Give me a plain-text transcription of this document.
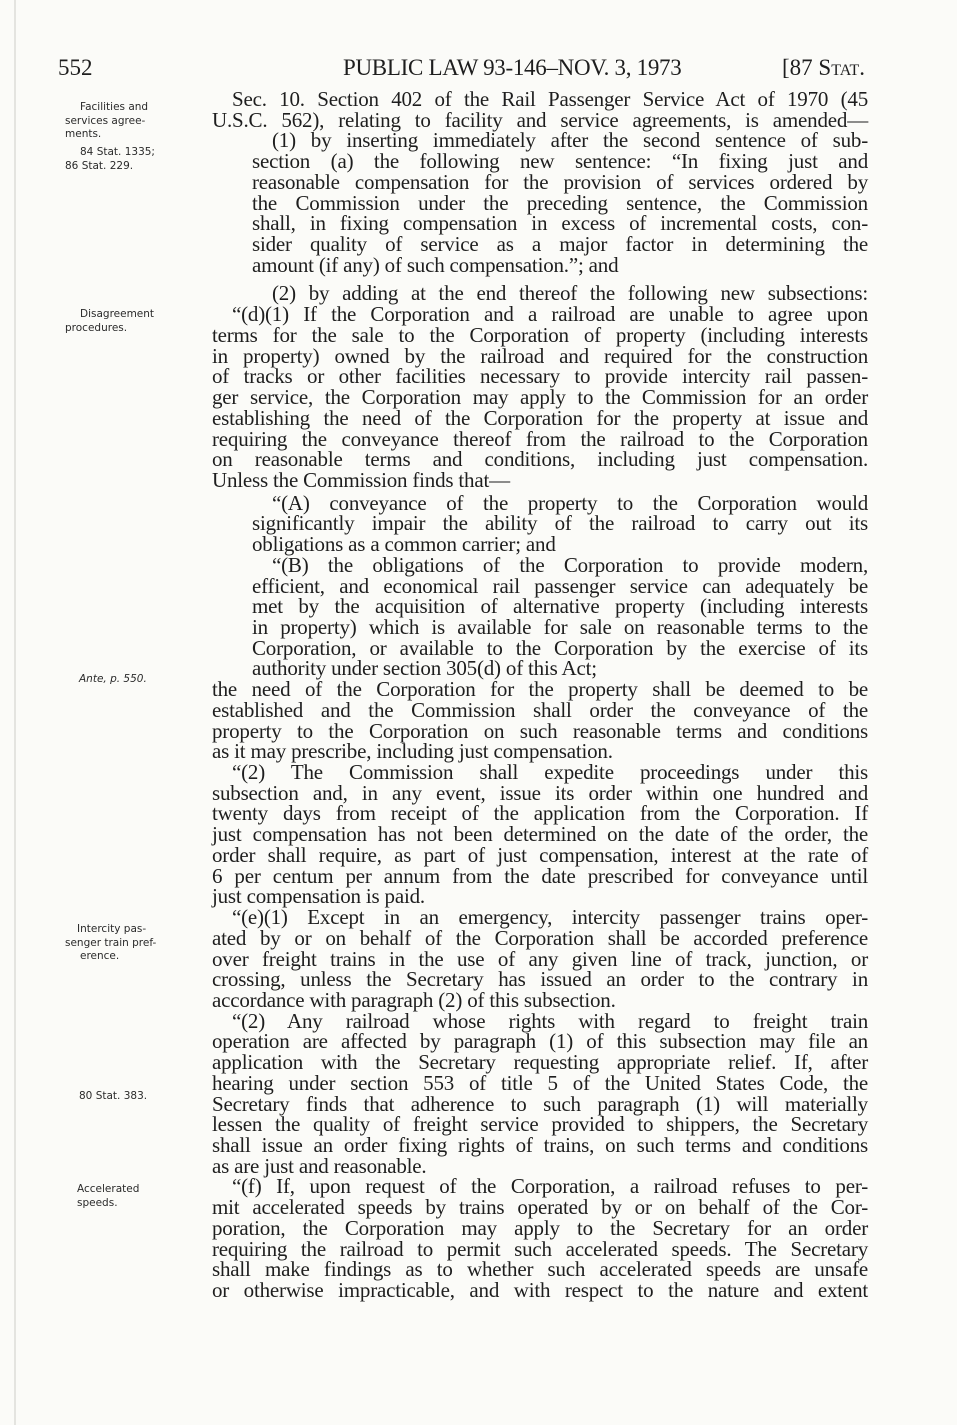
552	PUBLIC LAW 93-146–NOV. 3, 1973	[87 Stat.
Facilities and
services agree-
ments.
84 Stat. 1335;
86 Stat. 229.
Disagreement
procedures.
Ante, p. 550.
Intercity pas-
senger train pref-
erence.
80 Stat. 383.
Accelerated
speeds.
Sec. 10. Section 402 of the Rail Passenger Service Act of 1970 (45
U.S.C. 562), relating to facility and service agreements, is amended—
(1) by inserting immediately after the second sentence of sub-
section (a) the following new sentence: “In fixing just and
reasonable compensation for the provision of services ordered by
the Commission under the preceding sentence, the Commission
shall, in fixing compensation in excess of incremental costs, con-
sider quality of service as a major factor in determining the
amount (if any) of such compensation.”; and
(2) by adding at the end thereof the following new subsections:
“(d)(1) If the Corporation and a railroad are unable to agree upon
terms for the sale to the Corporation of property (including interests
in property) owned by the railroad and required for the construction
of tracks or other facilities necessary to provide intercity rail passen-
ger service, the Corporation may apply to the Commission for an order
establishing the need of the Corporation for the property at issue and
requiring the conveyance thereof from the railroad to the Corporation
on reasonable terms and conditions, including just compensation.
Unless the Commission finds that—
“(A) conveyance of the property to the Corporation would
significantly impair the ability of the railroad to carry out its
obligations as a common carrier; and
“(B) the obligations of the Corporation to provide modern,
efficient, and economical rail passenger service can adequately be
met by the acquisition of alternative property (including interests
in property) which is available for sale on reasonable terms to the
Corporation, or available to the Corporation by the exercise of its
authority under section 305(d) of this Act;
the need of the Corporation for the property shall be deemed to be
established and the Commission shall order the conveyance of the
property to the Corporation on such reasonable terms and conditions
as it may prescribe, including just compensation.
“(2) The Commission shall expedite proceedings under this
subsection and, in any event, issue its order within one hundred and
twenty days from receipt of the application from the Corporation. If
just compensation has not been determined on the date of the order, the
order shall require, as part of just compensation, interest at the rate of
6 per centum per annum from the date prescribed for conveyance until
just compensation is paid.
“(e)(1) Except in an emergency, intercity passenger trains oper-
ated by or on behalf of the Corporation shall be accorded preference
over freight trains in the use of any given line of track, junction, or
crossing, unless the Secretary has issued an order to the contrary in
accordance with paragraph (2) of this subsection.
“(2) Any railroad whose rights with regard to freight train
operation are affected by paragraph (1) of this subsection may file an
application with the Secretary requesting appropriate relief. If, after
hearing under section 553 of title 5 of the United States Code, the
Secretary finds that adherence to such paragraph (1) will materially
lessen the quality of freight service provided to shippers, the Secretary
shall issue an order fixing rights of trains, on such terms and conditions
as are just and reasonable.
“(f) If, upon request of the Corporation, a railroad refuses to per-
mit accelerated speeds by trains operated by or on behalf of the Cor-
poration, the Corporation may apply to the Secretary for an order
requiring the railroad to permit such accelerated speeds. The Secretary
shall make findings as to whether such accelerated speeds are unsafe
or otherwise impracticable, and with respect to the nature and extent
